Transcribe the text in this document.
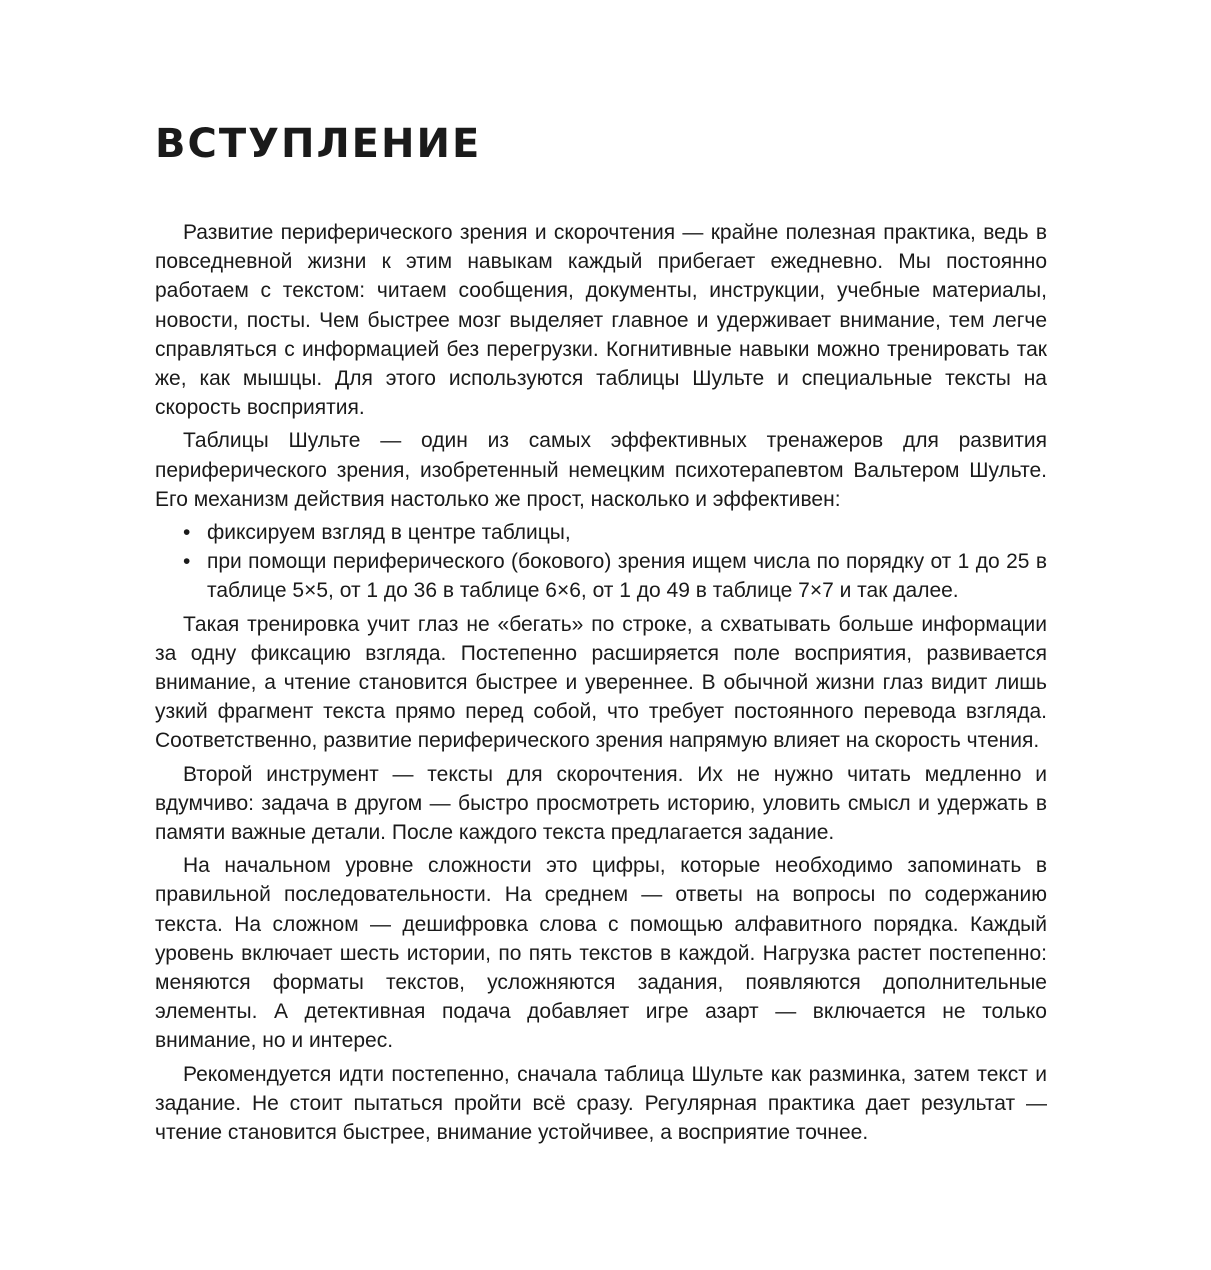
ВСТУПЛЕНИЕ

Развитие периферического зрения и скорочтения — крайне полезная практика, ведь в повседневной жизни к этим навыкам каждый прибегает ежедневно. Мы постоянно работаем с текстом: читаем сообщения, документы, инструкции, учебные материалы, новости, посты. Чем быстрее мозг выделяет главное и удерживает внимание, тем легче справляться с информацией без перегрузки. Когнитивные навыки можно тренировать так же, как мышцы. Для этого используются таблицы Шульте и специальные тексты на скорость восприятия.

Таблицы Шульте — один из самых эффективных тренажеров для развития периферического зрения, изобретенный немецким психотерапевтом Вальтером Шульте. Его механизм действия настолько же прост, насколько и эффективен:

• фиксируем взгляд в центре таблицы,
• при помощи периферического (бокового) зрения ищем числа по порядку от 1 до 25 в таблице 5×5, от 1 до 36 в таблице 6×6, от 1 до 49 в таблице 7×7 и так далее.

Такая тренировка учит глаз не «бегать» по строке, а схватывать больше информации за одну фиксацию взгляда. Постепенно расширяется поле восприятия, развивается внимание, а чтение становится быстрее и увереннее. В обычной жизни глаз видит лишь узкий фрагмент текста прямо перед собой, что требует постоянного перевода взгляда. Соответственно, развитие периферического зрения напрямую влияет на скорость чтения.

Второй инструмент — тексты для скорочтения. Их не нужно читать медленно и вдумчиво: задача в другом — быстро просмотреть историю, уловить смысл и удержать в памяти важные детали. После каждого текста предлагается задание.

На начальном уровне сложности это цифры, которые необходимо запоминать в правильной последовательности. На среднем — ответы на вопросы по содержанию текста. На сложном — дешифровка слова с помощью алфавитного порядка. Каждый уровень включает шесть истории, по пять текстов в каждой. Нагрузка растет постепенно: меняются форматы текстов, усложняются задания, появляются дополнительные элементы. А детективная подача добавляет игре азарт — включается не только внимание, но и интерес.

Рекомендуется идти постепенно, сначала таблица Шульте как разминка, затем текст и задание. Не стоит пытаться пройти всё сразу. Регулярная практика дает результат — чтение становится быстрее, внимание устойчивее, а восприятие точнее.
